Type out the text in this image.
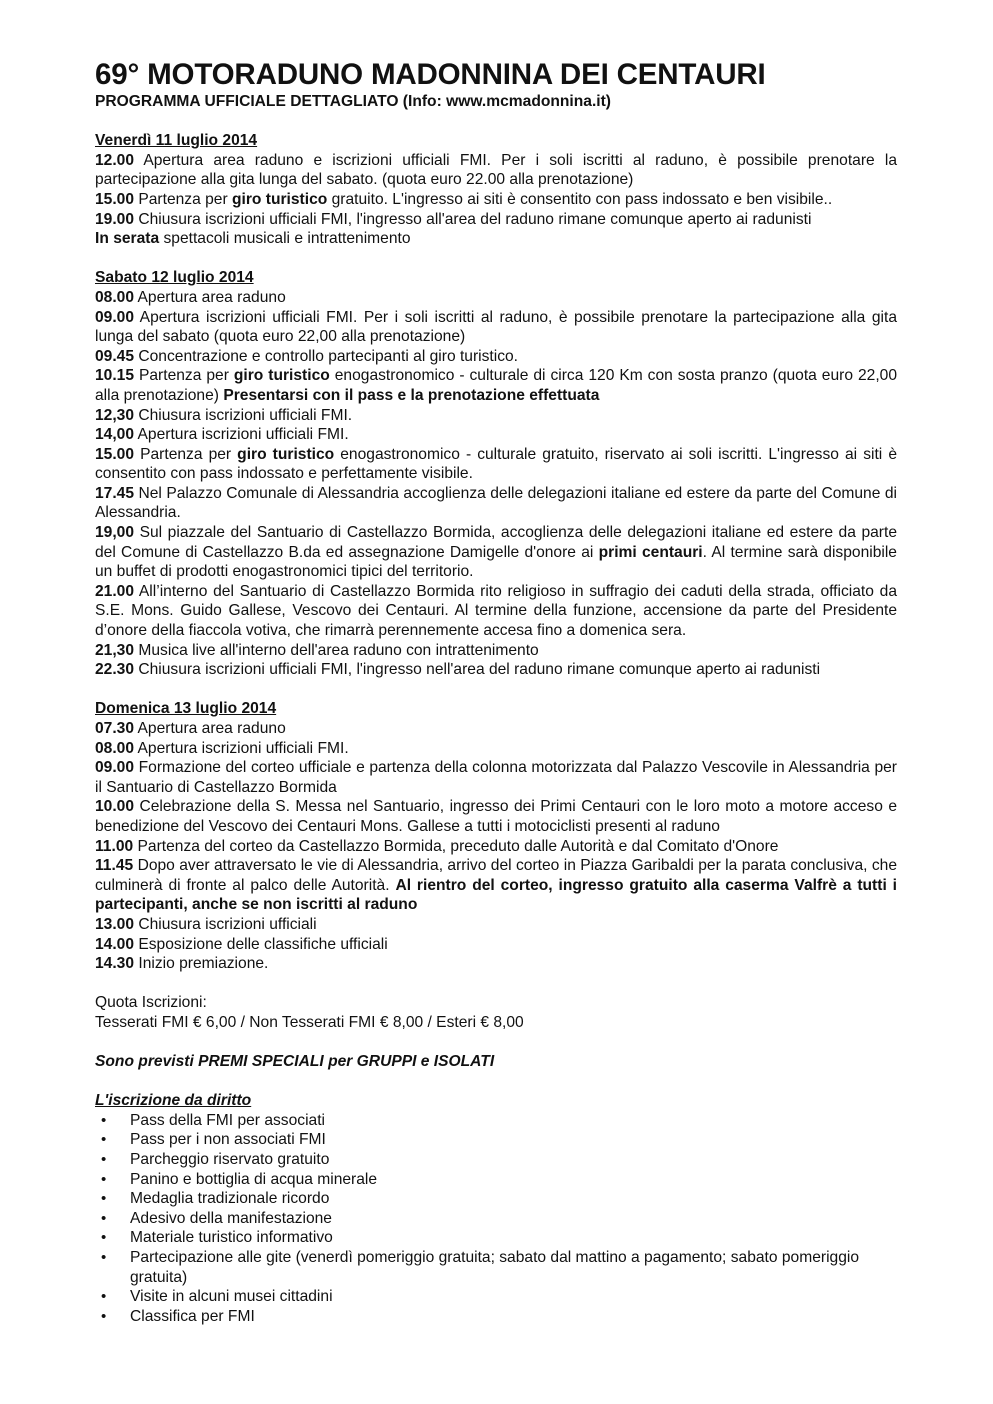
69° MOTORADUNO MADONNINA DEI CENTAURI

PROGRAMMA UFFICIALE DETTAGLIATO (Info: www.mcmadonnina.it)

Venerdì 11 luglio 2014

12.00 Apertura area raduno e iscrizioni ufficiali FMI. Per i soli iscritti al raduno, è possibile prenotare la partecipazione alla gita lunga del sabato. (quota euro 22.00 alla prenotazione)

15.00 Partenza per giro turistico gratuito. L'ingresso ai siti è consentito con pass indossato e ben visibile..

19.00 Chiusura iscrizioni ufficiali FMI, l'ingresso all'area del raduno rimane comunque aperto ai radunisti

In serata spettacoli musicali e intrattenimento

Sabato 12 luglio 2014

08.00 Apertura area raduno

09.00 Apertura iscrizioni ufficiali FMI. Per i soli iscritti al raduno, è possibile prenotare la partecipazione alla gita lunga del sabato (quota euro 22,00 alla prenotazione)

09.45 Concentrazione e controllo partecipanti al giro turistico.

10.15 Partenza per giro turistico enogastronomico - culturale di circa 120 Km con sosta pranzo (quota euro 22,00 alla prenotazione) Presentarsi con il pass e la prenotazione effettuata

12,30 Chiusura iscrizioni ufficiali FMI.

14,00 Apertura iscrizioni ufficiali FMI.

15.00 Partenza per giro turistico enogastronomico - culturale gratuito, riservato ai soli iscritti. L'ingresso ai siti è consentito con pass indossato e perfettamente visibile.

17.45 Nel Palazzo Comunale di Alessandria accoglienza delle delegazioni italiane ed estere da parte del Comune di Alessandria.

19,00 Sul piazzale del Santuario di Castellazzo Bormida, accoglienza delle delegazioni italiane ed estere da parte del Comune di Castellazzo B.da ed assegnazione Damigelle d'onore ai primi centauri. Al termine sarà disponibile un buffet di prodotti enogastronomici tipici del territorio.

21.00 All’interno del Santuario di Castellazzo Bormida rito religioso in suffragio dei caduti della strada, officiato da S.E. Mons. Guido Gallese, Vescovo dei Centauri. Al termine della funzione, accensione da parte del Presidente d’onore della fiaccola votiva, che rimarrà perennemente accesa fino a domenica sera.

21,30 Musica live all'interno dell'area raduno con intrattenimento

22.30 Chiusura iscrizioni ufficiali FMI, l'ingresso nell'area del raduno rimane comunque aperto ai radunisti

Domenica 13 luglio 2014

07.30 Apertura area raduno

08.00 Apertura iscrizioni ufficiali FMI.

09.00 Formazione del corteo ufficiale e partenza della colonna motorizzata dal Palazzo Vescovile in Alessandria per il Santuario di Castellazzo Bormida

10.00 Celebrazione della S. Messa nel Santuario, ingresso dei Primi Centauri con le loro moto a motore acceso e benedizione del Vescovo dei Centauri Mons. Gallese a tutti i motociclisti presenti al raduno

11.00 Partenza del corteo da Castellazzo Bormida, preceduto dalle Autorità e dal Comitato d'Onore

11.45 Dopo aver attraversato le vie di Alessandria, arrivo del corteo in Piazza Garibaldi per la parata conclusiva, che culminerà di fronte al palco delle Autorità. Al rientro del corteo, ingresso gratuito alla caserma Valfrè a tutti i partecipanti, anche se non iscritti al raduno

13.00 Chiusura iscrizioni ufficiali

14.00 Esposizione delle classifiche ufficiali

14.30 Inizio premiazione.

Quota Iscrizioni:

Tesserati FMI € 6,00 / Non Tesserati FMI € 8,00 / Esteri € 8,00

Sono previsti PREMI SPECIALI per GRUPPI e ISOLATI

L'iscrizione da diritto

• Pass della FMI per associati
• Pass per i non associati FMI
• Parcheggio riservato gratuito
• Panino e bottiglia di acqua minerale
• Medaglia tradizionale ricordo
• Adesivo della manifestazione
• Materiale turistico informativo
• Partecipazione alle gite (venerdì pomeriggio gratuita; sabato dal mattino a pagamento; sabato pomeriggio gratuita)
• Visite in alcuni musei cittadini
• Classifica per FMI
